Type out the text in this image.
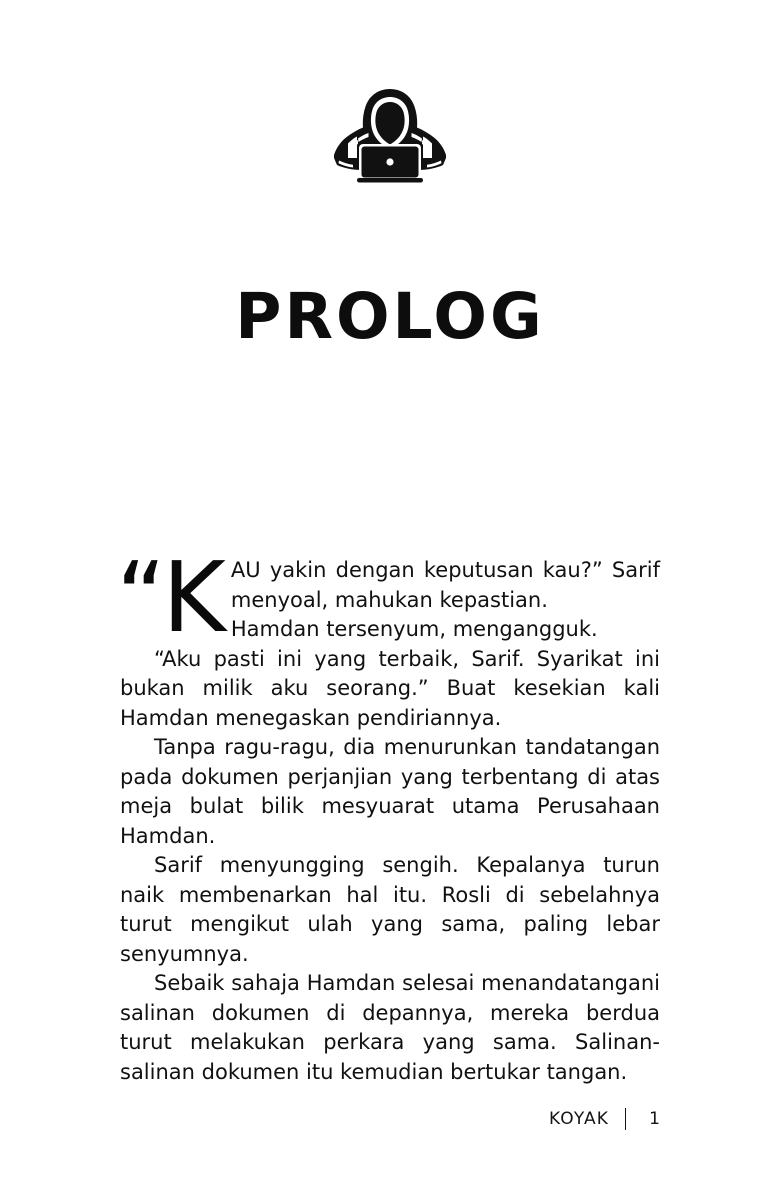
PROLOG

“K AU yakin dengan keputusan kau?” Sarif menyoal, mahukan kepastian.

Hamdan tersenyum, mengangguk.

“Aku pasti ini yang terbaik, Sarif. Syarikat ini bukan milik aku seorang.” Buat kesekian kali Hamdan menegaskan pendiriannya.

Tanpa ragu-ragu, dia menurunkan tandatangan pada dokumen perjanjian yang terbentang di atas meja bulat bilik mesyuarat utama Perusahaan Hamdan.

Sarif menyungging sengih. Kepalanya turun naik membenarkan hal itu. Rosli di sebelahnya turut mengikut ulah yang sama, paling lebar senyumnya.

Sebaik sahaja Hamdan selesai menandatangani salinan dokumen di depannya, mereka berdua turut melakukan perkara yang sama. Salinan-salinan dokumen itu kemudian bertukar tangan.

KOYAK	1
